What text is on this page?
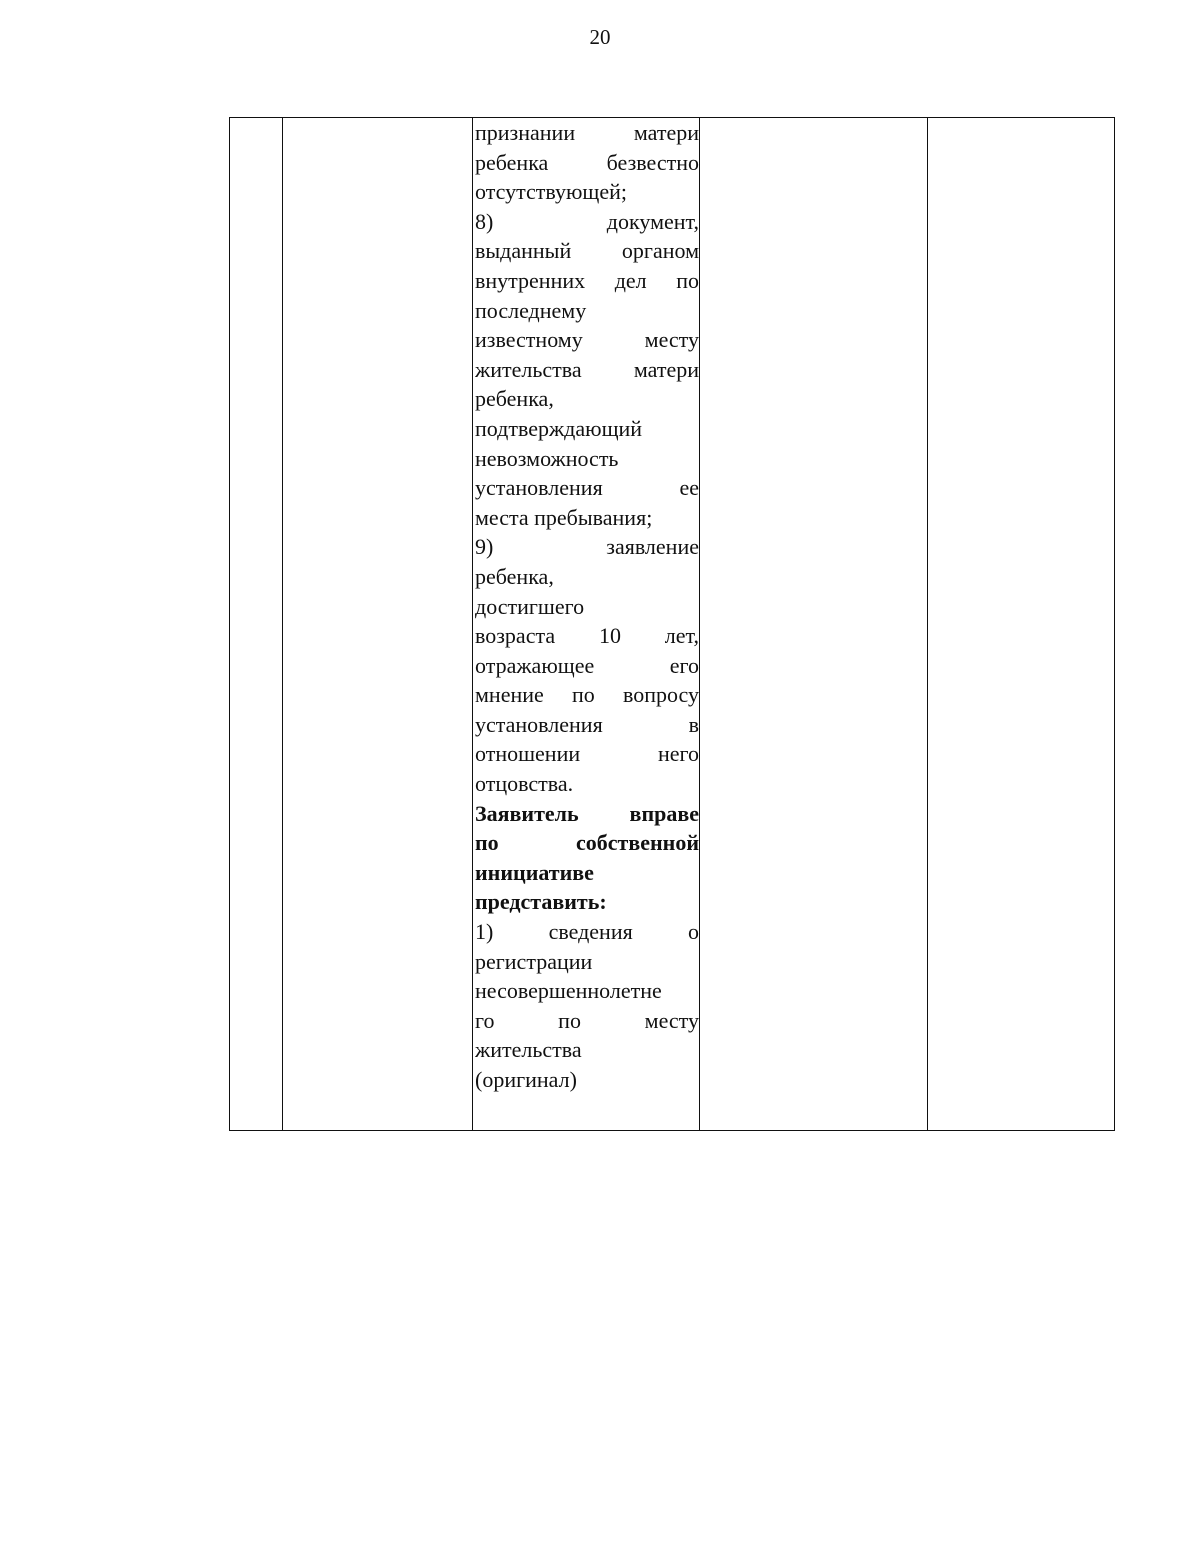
20

признании матери
ребенка безвестно
отсутствующей;
8) документ,
выданный органом
внутренних дел по
последнему
известному месту
жительства матери
ребенка,
подтверждающий
невозможность
установления ее
места пребывания;
9) заявление
ребенка,
достигшего
возраста 10 лет,
отражающее его
мнение по вопросу
установления в
отношении него
отцовства.
Заявитель вправе
по собственной
инициативе
представить:
1) сведения о
регистрации
несовершеннолетне
го по месту
жительства
(оригинал)
